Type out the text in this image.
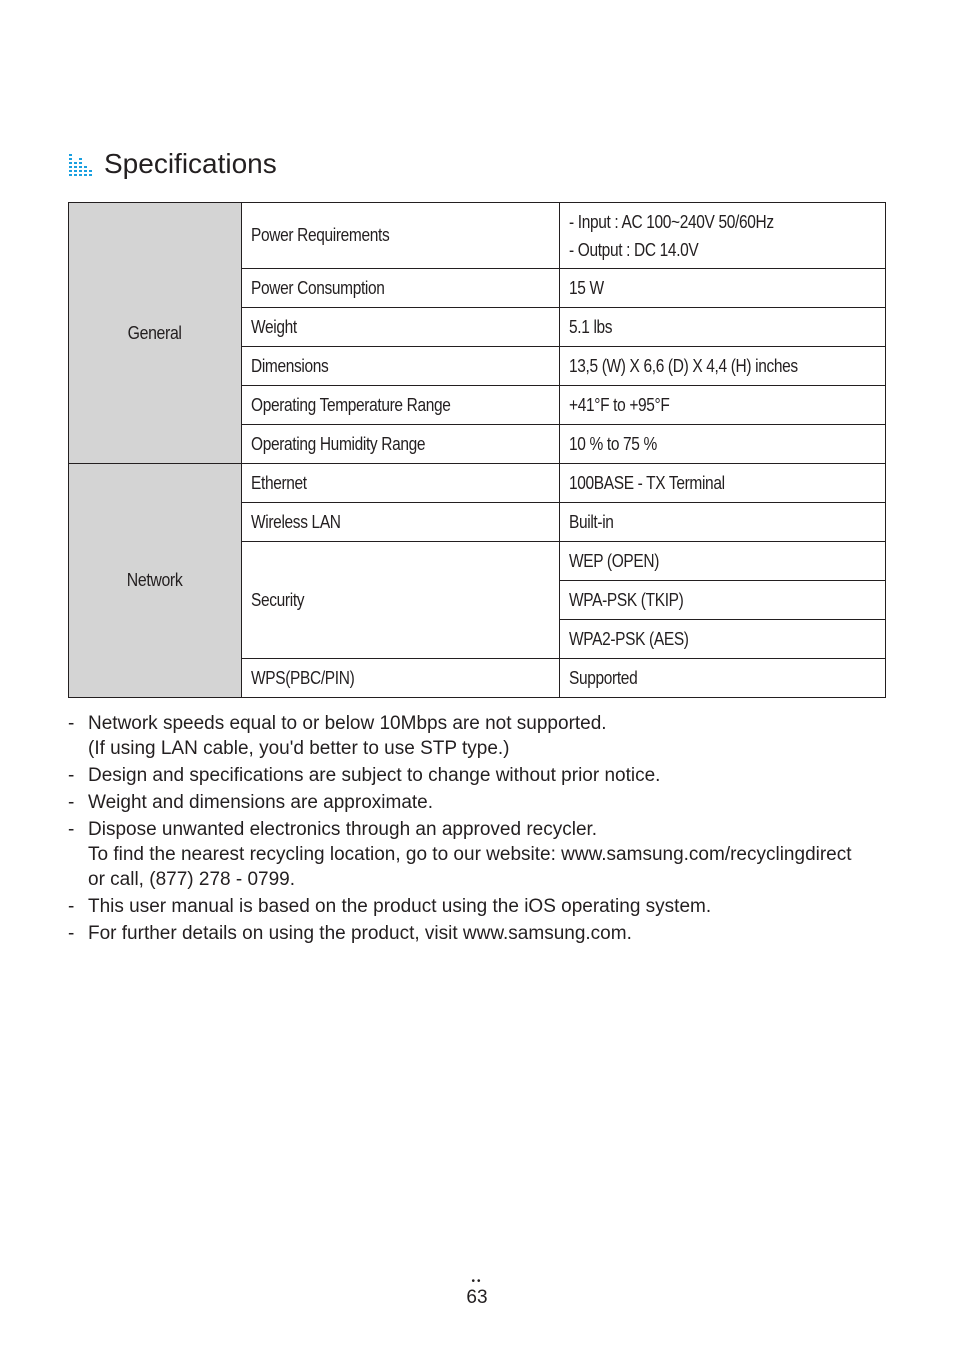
Specifications
General	Power Requirements	- Input : AC 100~240V 50/60Hz
- Output : DC 14.0V

	Power Consumption	15 W
	Weight	5.1 lbs
	Dimensions	13,5 (W) X 6,6 (D) X 4,4 (H) inches
	Operating Temperature Range	+41°F to +95°F
	Operating Humidity Range	10 % to 75 %
Network	Ethernet	100BASE - TX Terminal
	Wireless LAN	Built-in
	Security	WEP (OPEN)
		WPA-PSK (TKIP)
		WPA2-PSK (AES)
	WPS(PBC/PIN)	Supported
- Network speeds equal to or below 10Mbps are not supported.
(If using LAN cable, you'd better to use STP type.)
- Design and specifications are subject to change without prior notice.
- Weight and dimensions are approximate.
- Dispose unwanted electronics through an approved recycler.
To find the nearest recycling location, go to our website: www.samsung.com/recyclingdirect
or call, (877) 278 - 0799.
- This user manual is based on the product using the iOS operating system.
- For further details on using the product, visit www.samsung.com.
••
63
